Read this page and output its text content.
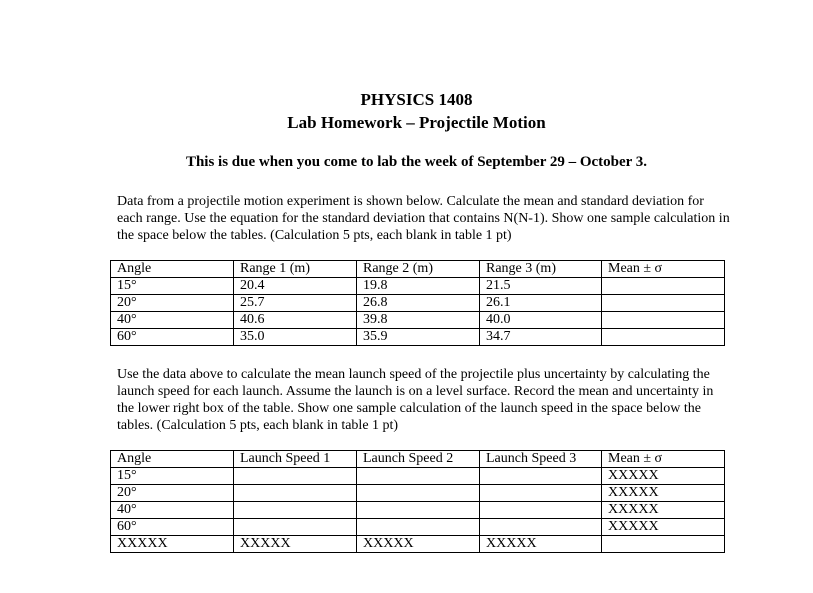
PHYSICS 1408
Lab Homework – Projectile Motion

This is due when you come to lab the week of September 29 – October 3.

Data from a projectile motion experiment is shown below. Calculate the mean and standard deviation for each range. Use the equation for the standard deviation that contains N(N-1). Show one sample calculation in the space below the tables. (Calculation 5 pts, each blank in table 1 pt)

Angle	Range 1 (m)	Range 2 (m)	Range 3 (m)	Mean ± σ
15°	20.4	19.8	21.5	
20°	25.7	26.8	26.1	
40°	40.6	39.8	40.0	
60°	35.0	35.9	34.7	

Use the data above to calculate the mean launch speed of the projectile plus uncertainty by calculating the launch speed for each launch. Assume the launch is on a level surface. Record the mean and uncertainty in the lower right box of the table. Show one sample calculation of the launch speed in the space below the tables. (Calculation 5 pts, each blank in table 1 pt)

Angle	Launch Speed 1	Launch Speed 2	Launch Speed 3	Mean ± σ
15°				XXXXX
20°				XXXXX
40°				XXXXX
60°				XXXXX
XXXXX	XXXXX	XXXXX	XXXXX	
